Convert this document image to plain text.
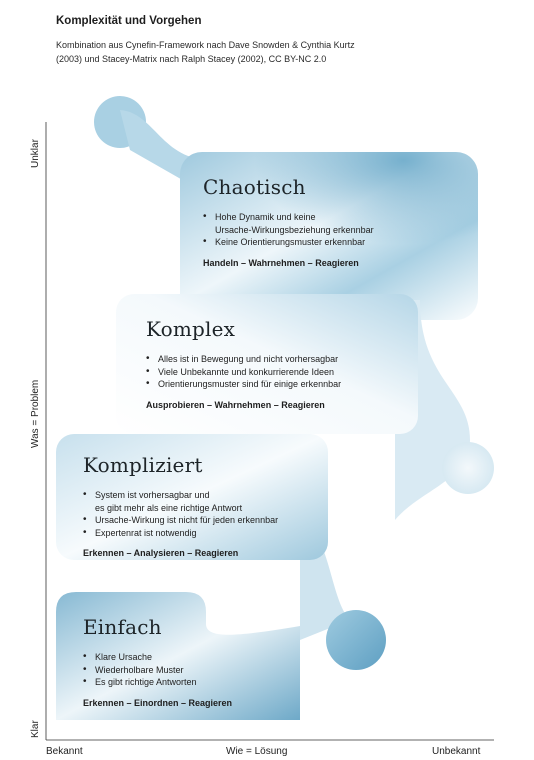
Komplexität und Vorgehen
Kombination aus Cynefin-Framework nach Dave Snowden & Cynthia Kurtz
(2003) und Stacey-Matrix nach Ralph Stacey (2002), CC BY-NC 2.0
Unklar
Was = Problem
Klar
Bekannt	Wie = Lösung	Unbekannt
Chaotisch
• Hohe Dynamik und keine
Ursache-Wirkungsbeziehung erkennbar
• Keine Orientierungsmuster erkennbar
Handeln – Wahrnehmen – Reagieren
Komplex
• Alles ist in Bewegung und nicht vorhersagbar
• Viele Unbekannte und konkurrierende Ideen
• Orientierungsmuster sind für einige erkennbar
Ausprobieren – Wahrnehmen – Reagieren
Kompliziert
• System ist vorhersagbar und
es gibt mehr als eine richtige Antwort
• Ursache-Wirkung ist nicht für jeden erkennbar
• Expertenrat ist notwendig
Erkennen – Analysieren – Reagieren
Einfach
• Klare Ursache
• Wiederholbare Muster
• Es gibt richtige Antworten
Erkennen – Einordnen – Reagieren
